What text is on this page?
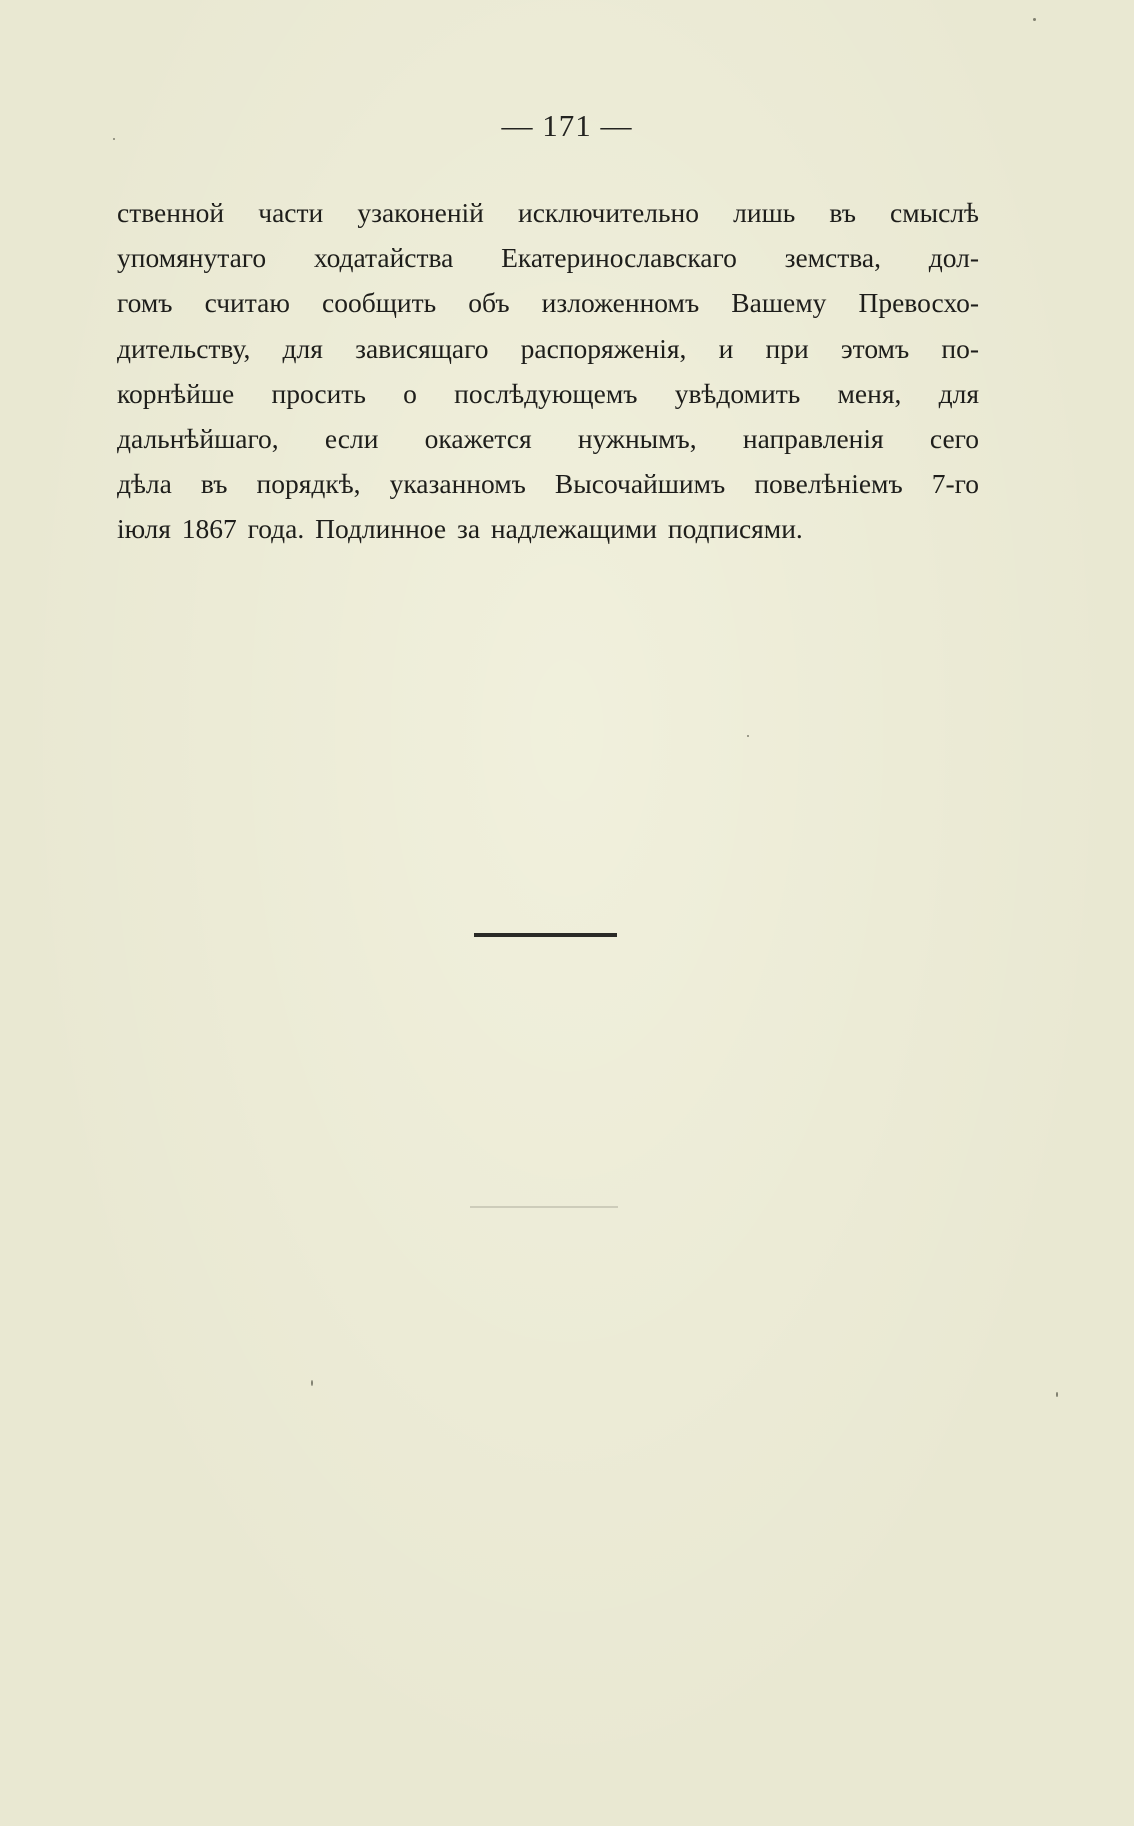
— 171 —
ственной части узаконеній исключительно лишь въ смыслѣ
упомянутаго ходатайства Екатеринославскаго земства, дол-
гомъ считаю сообщить объ изложенномъ Вашему Превосхо-
дительству, для зависящаго распоряженія, и при этомъ по-
корнѣйше просить о послѣдующемъ увѣдомить меня, для
дальнѣйшаго, если окажется нужнымъ, направленія сего
дѣла въ порядкѣ, указанномъ Высочайшимъ повелѣніемъ 7-го
іюля 1867 года. Подлинное за надлежащими подписями.
